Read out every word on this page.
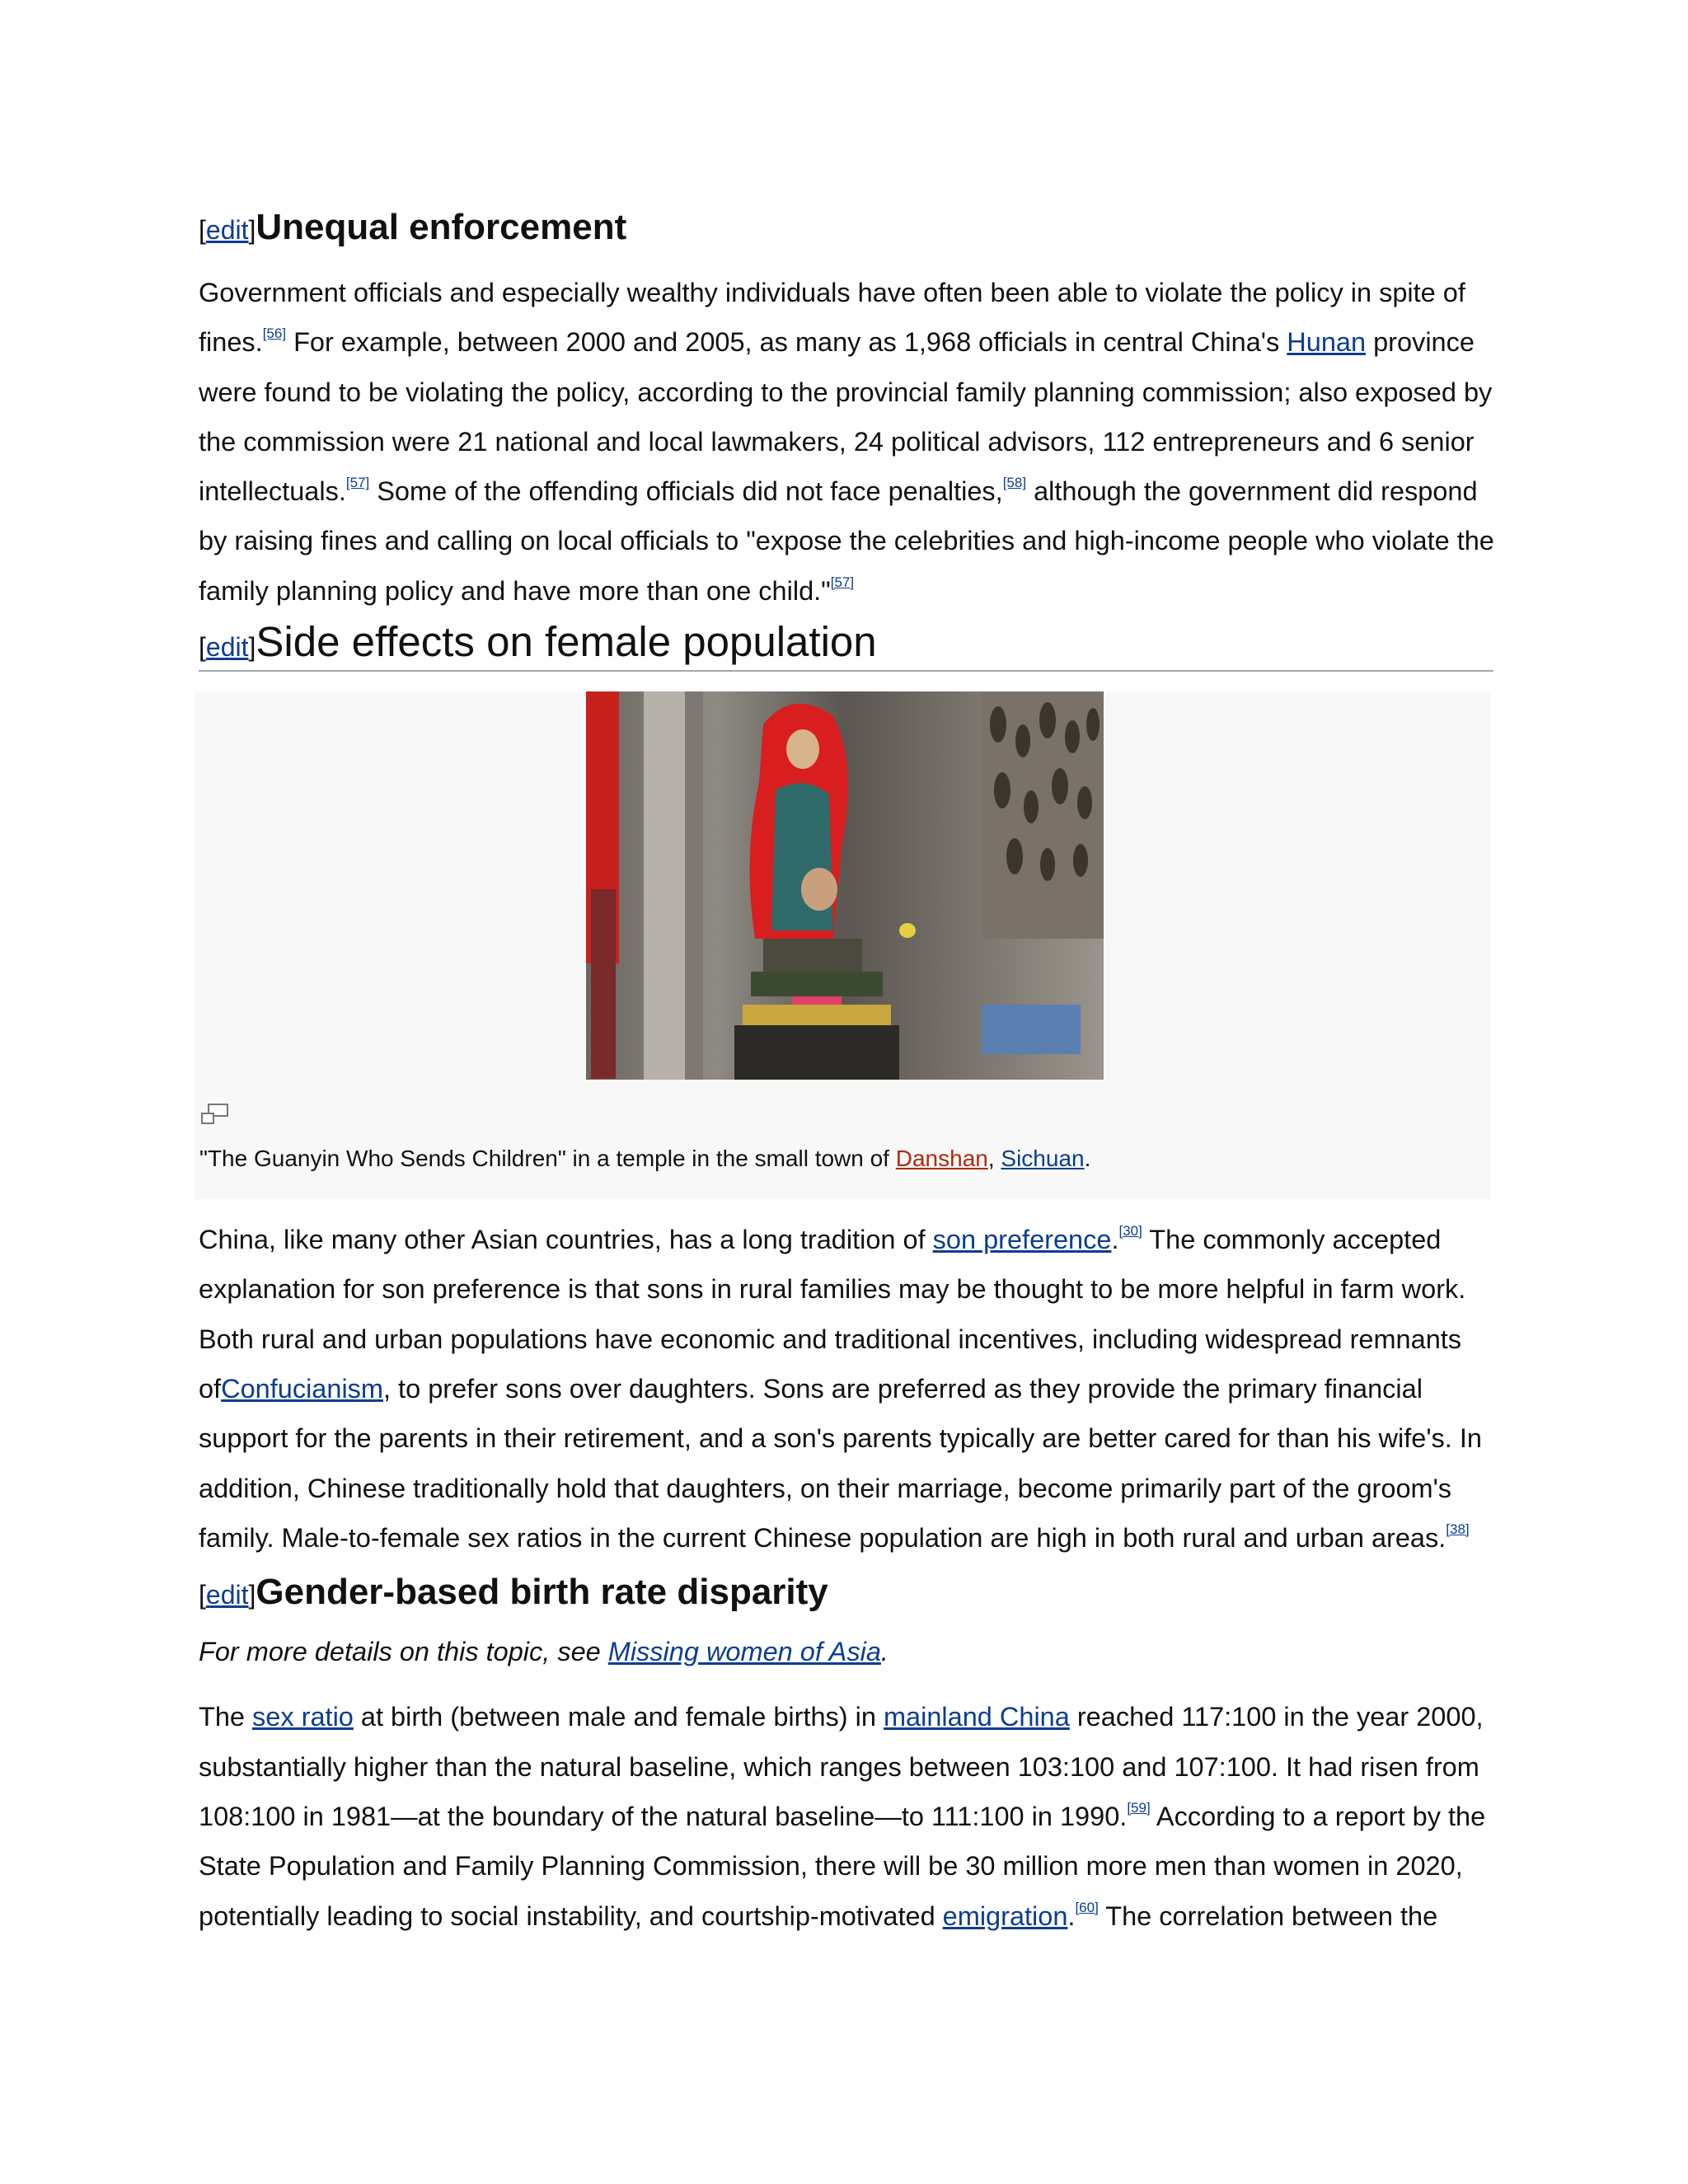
[edit]Unequal enforcement

Government officials and especially wealthy individuals have often been able to violate the policy in spite of fines.[56] For example, between 2000 and 2005, as many as 1,968 officials in central China's Hunan province were found to be violating the policy, according to the provincial family planning commission; also exposed by the commission were 21 national and local lawmakers, 24 political advisors, 112 entrepreneurs and 6 senior intellectuals.[57] Some of the offending officials did not face penalties,[58] although the government did respond by raising fines and calling on local officials to "expose the celebrities and high-income people who violate the family planning policy and have more than one child."[57]

[edit]Side effects on female population
"The Guanyin Who Sends Children" in a temple in the small town of Danshan, Sichuan.

China, like many other Asian countries, has a long tradition of son preference.[30] The commonly accepted explanation for son preference is that sons in rural families may be thought to be more helpful in farm work. Both rural and urban populations have economic and traditional incentives, including widespread remnants ofConfucianism, to prefer sons over daughters. Sons are preferred as they provide the primary financial support for the parents in their retirement, and a son's parents typically are better cared for than his wife's. In addition, Chinese traditionally hold that daughters, on their marriage, become primarily part of the groom's family. Male-to-female sex ratios in the current Chinese population are high in both rural and urban areas.[38]

[edit]Gender-based birth rate disparity

For more details on this topic, see Missing women of Asia.

The sex ratio at birth (between male and female births) in mainland China reached 117:100 in the year 2000, substantially higher than the natural baseline, which ranges between 103:100 and 107:100. It had risen from 108:100 in 1981—at the boundary of the natural baseline—to 111:100 in 1990.[59] According to a report by the State Population and Family Planning Commission, there will be 30 million more men than women in 2020, potentially leading to social instability, and courtship-motivated emigration.[60] The correlation between the
